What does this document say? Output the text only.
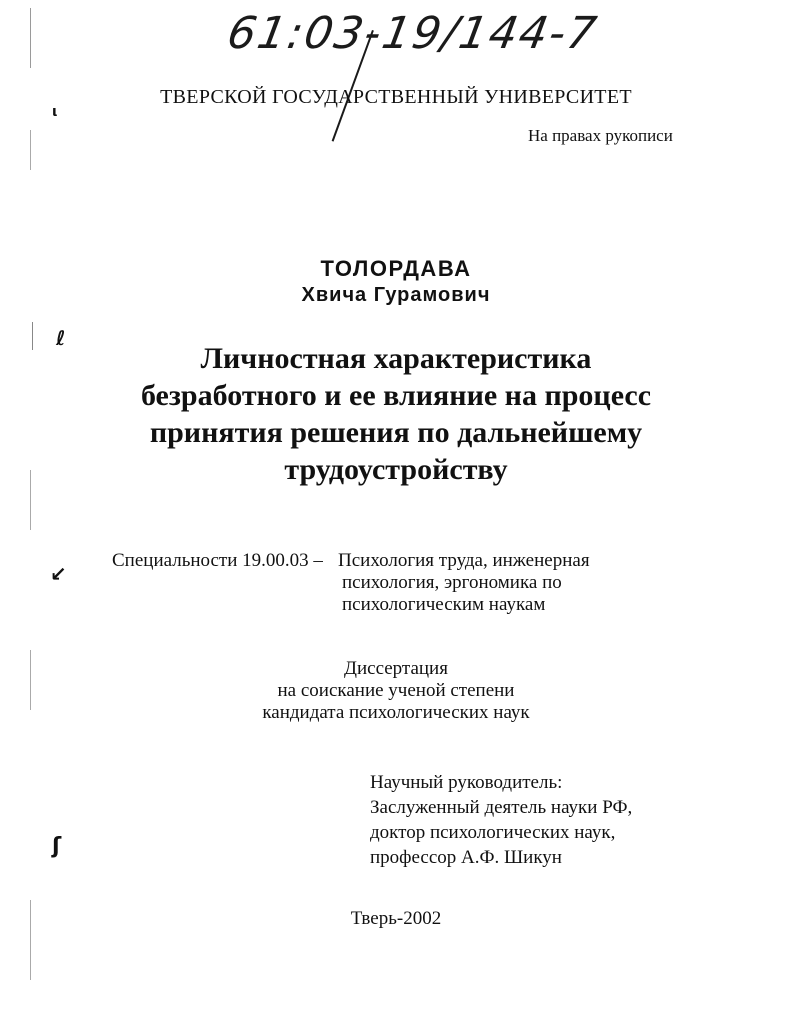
61:03-19/144-7
ι
ℓ
↙
ʃ
ТВЕРСКОЙ ГОСУДАРСТВЕННЫЙ УНИВЕРСИТЕТ
На правах рукописи
ТОЛОРДАВА
Хвича Гурамович
Личностная характеристика
безработного и ее влияние на процесс
принятия решения по дальнейшему
трудоустройству
Специальности 19.00.03 – Психология труда, инженерная
психология, эргономика по
психологическим наукам
Диссертация
на соискание ученой степени
кандидата психологических наук
Научный руководитель:
Заслуженный деятель науки РФ,
доктор психологических наук,
профессор А.Ф. Шикун
Тверь-2002
